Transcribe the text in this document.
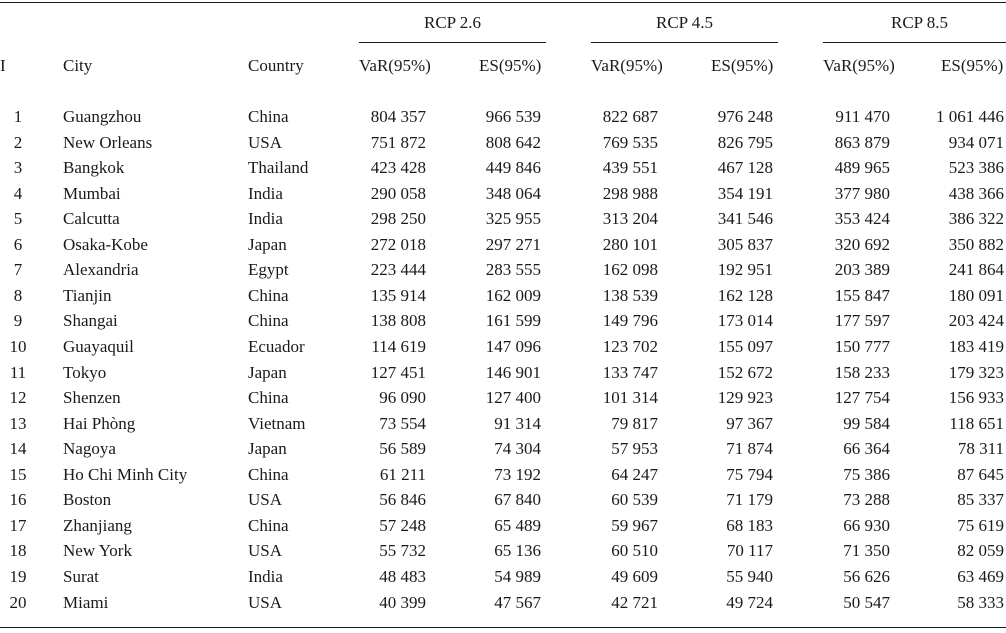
RCP 2.6	RCP 4.5	RCP 8.5
I	City	Country	VaR(95%)	ES(95%)	VaR(95%)	ES(95%)	VaR(95%)	ES(95%)
1	Guangzhou	China	804 357	966 539	822 687	976 248	911 470	1 061 446
2	New Orleans	USA	751 872	808 642	769 535	826 795	863 879	934 071
3	Bangkok	Thailand	423 428	449 846	439 551	467 128	489 965	523 386
4	Mumbai	India	290 058	348 064	298 988	354 191	377 980	438 366
5	Calcutta	India	298 250	325 955	313 204	341 546	353 424	386 322
6	Osaka-Kobe	Japan	272 018	297 271	280 101	305 837	320 692	350 882
7	Alexandria	Egypt	223 444	283 555	162 098	192 951	203 389	241 864
8	Tianjin	China	135 914	162 009	138 539	162 128	155 847	180 091
9	Shangai	China	138 808	161 599	149 796	173 014	177 597	203 424
10	Guayaquil	Ecuador	114 619	147 096	123 702	155 097	150 777	183 419
11	Tokyo	Japan	127 451	146 901	133 747	152 672	158 233	179 323
12	Shenzen	China	96 090	127 400	101 314	129 923	127 754	156 933
13	Hai Phòng	Vietnam	73 554	91 314	79 817	97 367	99 584	118 651
14	Nagoya	Japan	56 589	74 304	57 953	71 874	66 364	78 311
15	Ho Chi Minh City	China	61 211	73 192	64 247	75 794	75 386	87 645
16	Boston	USA	56 846	67 840	60 539	71 179	73 288	85 337
17	Zhanjiang	China	57 248	65 489	59 967	68 183	66 930	75 619
18	New York	USA	55 732	65 136	60 510	70 117	71 350	82 059
19	Surat	India	48 483	54 989	49 609	55 940	56 626	63 469
20	Miami	USA	40 399	47 567	42 721	49 724	50 547	58 333
